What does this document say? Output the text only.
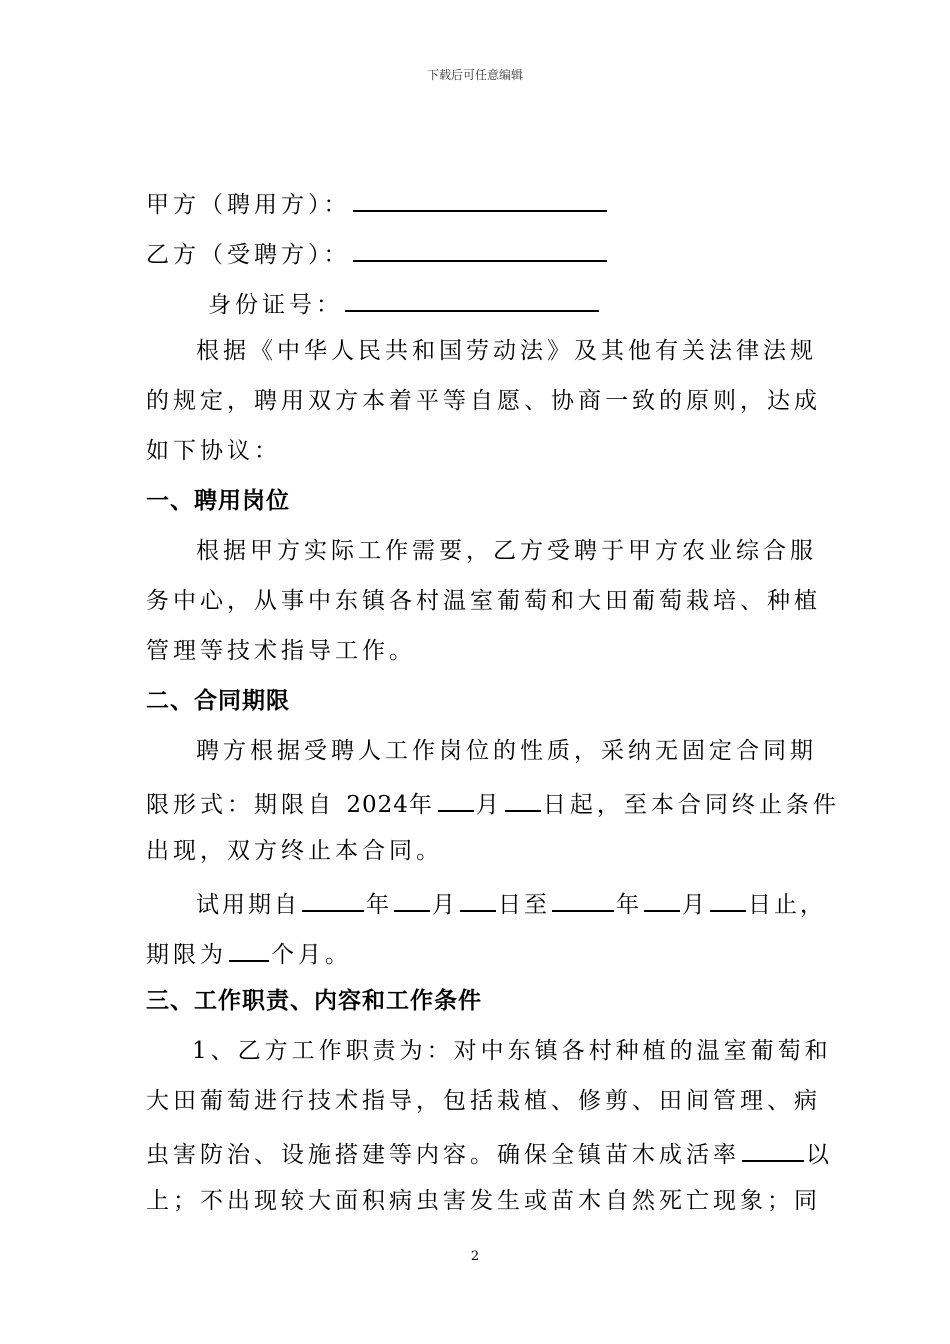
下载后可任意编辑
甲方（聘用方）：
乙方（受聘方）：
身份证号：
根据《中华人民共和国劳动法》及其他有关法律法规
的规定，聘用双方本着平等自愿、协商一致的原则，达成
如下协议：
一、聘用岗位
根据甲方实际工作需要，乙方受聘于甲方农业综合服
务中心，从事中东镇各村温室葡萄和大田葡萄栽培、种植
管理等技术指导工作。
二、合同期限
聘方根据受聘人工作岗位的性质，采纳无固定合同期
限形式：期限自 2024年 月 日起，至本合同终止条件
出现，双方终止本合同。
试用期自	年 月 日至	年 月 日止，
期限为 个月。
三、工作职责、内容和工作条件
1、乙方工作职责为：对中东镇各村种植的温室葡萄和
大田葡萄进行技术指导，包括栽植、修剪、田间管理、病
虫害防治、设施搭建等内容。确保全镇苗木成活率	以
上；不出现较大面积病虫害发生或苗木自然死亡现象；同
2
